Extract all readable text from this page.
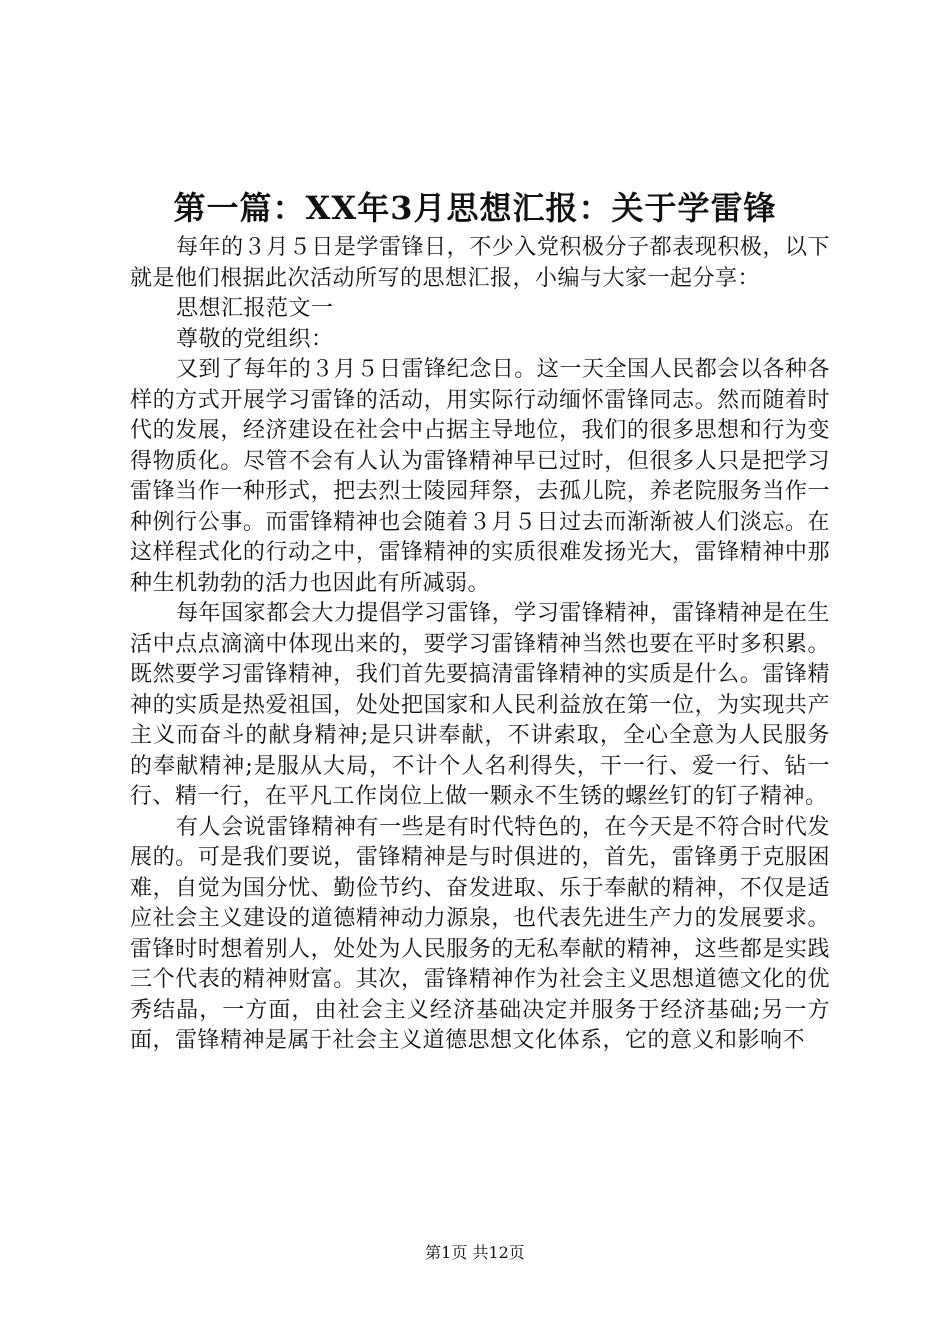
第一篇：XX年3月思想汇报：关于学雷锋

每年的３月５日是学雷锋日，不少入党积极分子都表现积极，以下就是他们根据此次活动所写的思想汇报，小编与大家一起分享：

思想汇报范文一

尊敬的党组织：

又到了每年的３月５日雷锋纪念日。这一天全国人民都会以各种各样的方式开展学习雷锋的活动，用实际行动缅怀雷锋同志。然而随着时代的发展，经济建设在社会中占据主导地位，我们的很多思想和行为变得物质化。尽管不会有人认为雷锋精神早已过时，但很多人只是把学习雷锋当作一种形式，把去烈士陵园拜祭，去孤儿院，养老院服务当作一种例行公事。而雷锋精神也会随着３月５日过去而渐渐被人们淡忘。在这样程式化的行动之中，雷锋精神的实质很难发扬光大，雷锋精神中那种生机勃勃的活力也因此有所减弱。

每年国家都会大力提倡学习雷锋，学习雷锋精神，雷锋精神是在生活中点点滴滴中体现出来的，要学习雷锋精神当然也要在平时多积累。既然要学习雷锋精神，我们首先要搞清雷锋精神的实质是什么。雷锋精神的实质是热爱祖国，处处把国家和人民利益放在第一位，为实现共产主义而奋斗的献身精神;是只讲奉献，不讲索取，全心全意为人民服务的奉献精神;是服从大局，不计个人名利得失，干一行、爱一行、钻一行、精一行，在平凡工作岗位上做一颗永不生锈的螺丝钉的钉子精神。

有人会说雷锋精神有一些是有时代特色的，在今天是不符合时代发展的。可是我们要说，雷锋精神是与时俱进的，首先，雷锋勇于克服困难，自觉为国分忧、勤俭节约、奋发进取、乐于奉献的精神，不仅是适应社会主义建设的道德精神动力源泉，也代表先进生产力的发展要求。雷锋时时想着别人，处处为人民服务的无私奉献的精神，这些都是实践三个代表的精神财富。其次，雷锋精神作为社会主义思想道德文化的优秀结晶，一方面，由社会主义经济基础决定并服务于经济基础;另一方面，雷锋精神是属于社会主义道德思想文化体系，它的意义和影响不

第1页 共12页
